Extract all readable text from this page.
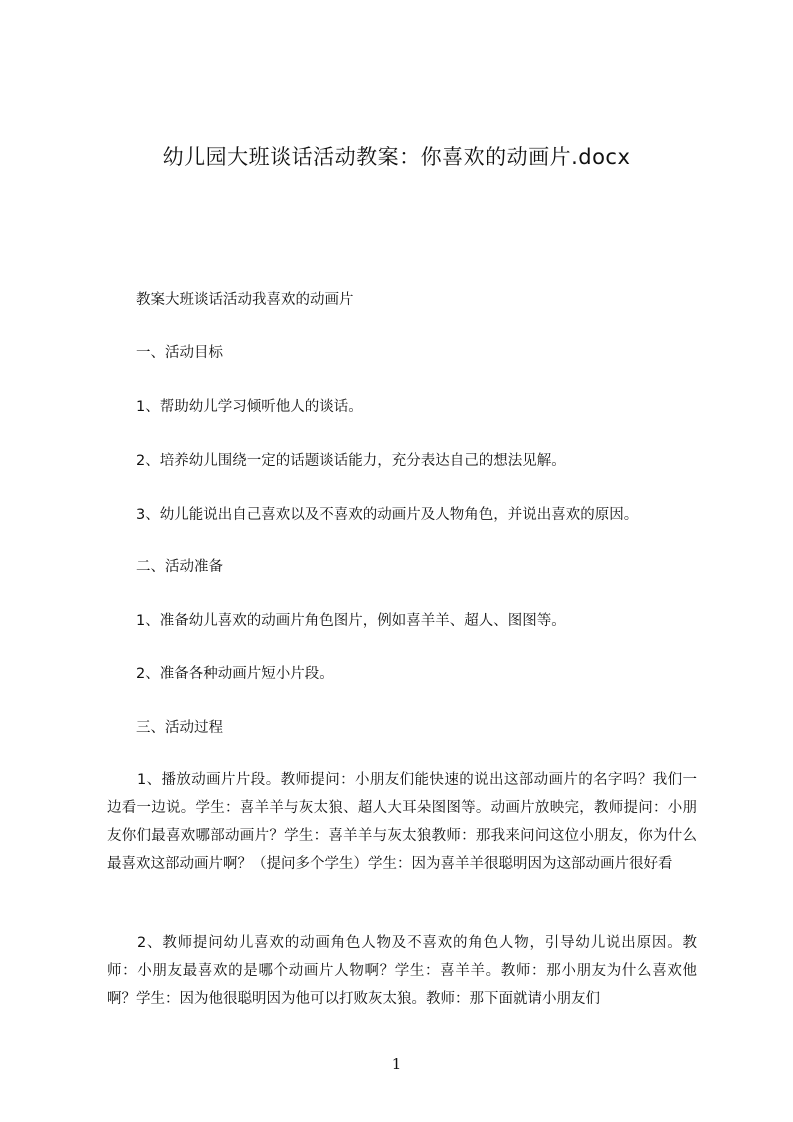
幼儿园大班谈话活动教案：你喜欢的动画片.docx
教案大班谈话活动我喜欢的动画片
一、活动目标
1、帮助幼儿学习倾听他人的谈话。
2、培养幼儿围绕一定的话题谈话能力，充分表达自己的想法见解。
3、幼儿能说出自己喜欢以及不喜欢的动画片及人物角色，并说出喜欢的原因。
二、活动准备
1、准备幼儿喜欢的动画片角色图片，例如喜羊羊、超人、图图等。
2、准备各种动画片短小片段。
三、活动过程
1、播放动画片片段。教师提问：小朋友们能快速的说出这部动画片的名字吗？我们一边看一边说。学生：喜羊羊与灰太狼、超人大耳朵图图等。动画片放映完，教师提问：小朋友你们最喜欢哪部动画片？学生：喜羊羊与灰太狼教师：那我来问问这位小朋友，你为什么最喜欢这部动画片啊？（提问多个学生）学生：因为喜羊羊很聪明因为这部动画片很好看
2、教师提问幼儿喜欢的动画角色人物及不喜欢的角色人物，引导幼儿说出原因。教师：小朋友最喜欢的是哪个动画片人物啊？学生：喜羊羊。教师：那小朋友为什么喜欢他啊？学生：因为他很聪明因为他可以打败灰太狼。教师：那下面就请小朋友们
1
